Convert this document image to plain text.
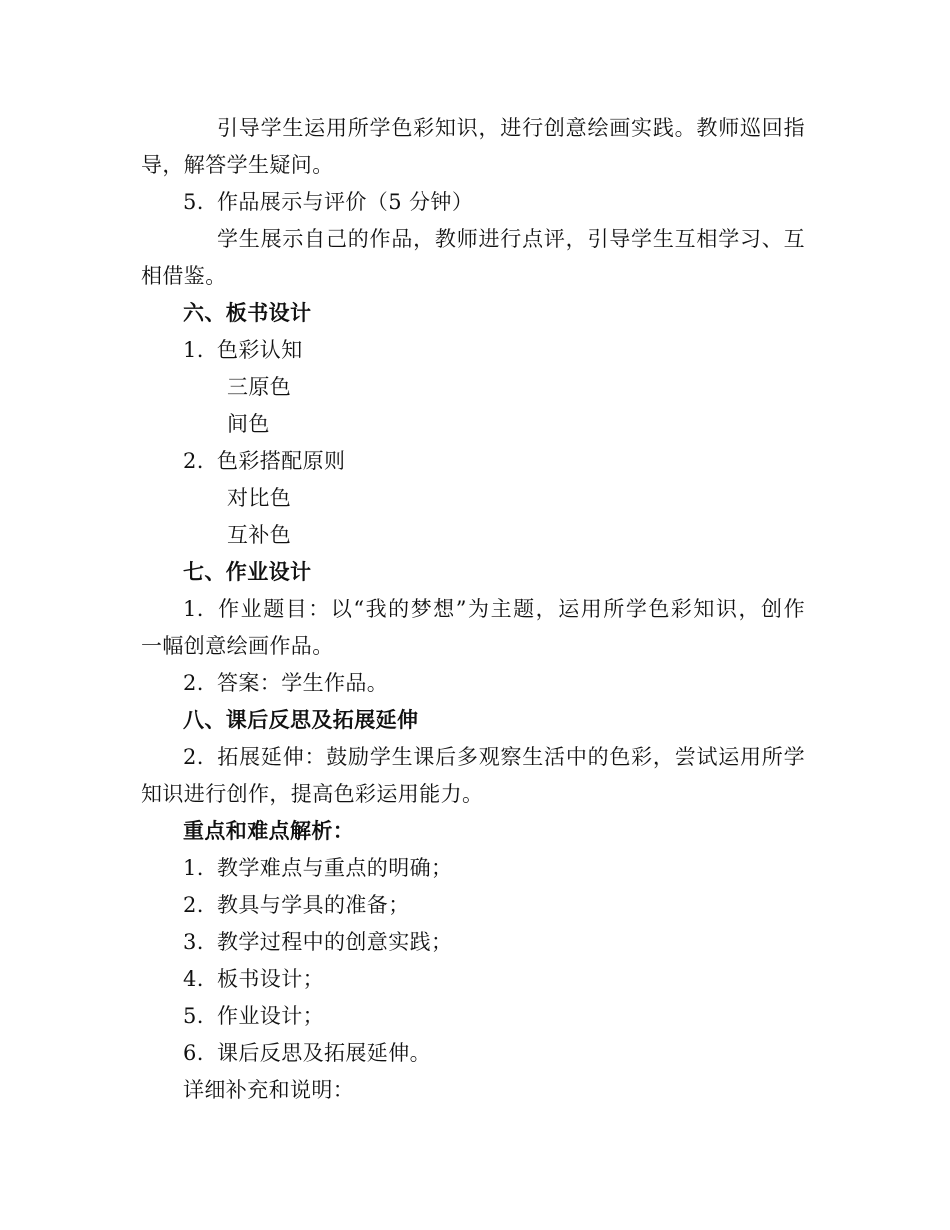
引导学生运用所学色彩知识，进行创意绘画实践。教师巡回指
导，解答学生疑问。
5. 作品展示与评价（5 分钟）
学生展示自己的作品，教师进行点评，引导学生互相学习、互
相借鉴。
六、板书设计
1. 色彩认知
三原色
间色
2. 色彩搭配原则
对比色
互补色
七、作业设计
1. 作业题目：以“我的梦想”为主题，运用所学色彩知识，创作
一幅创意绘画作品。
2. 答案：学生作品。
八、课后反思及拓展延伸
2. 拓展延伸：鼓励学生课后多观察生活中的色彩，尝试运用所学
知识进行创作，提高色彩运用能力。
重点和难点解析：
1. 教学难点与重点的明确；
2. 教具与学具的准备；
3. 教学过程中的创意实践；
4. 板书设计；
5. 作业设计；
6. 课后反思及拓展延伸。
详细补充和说明：
